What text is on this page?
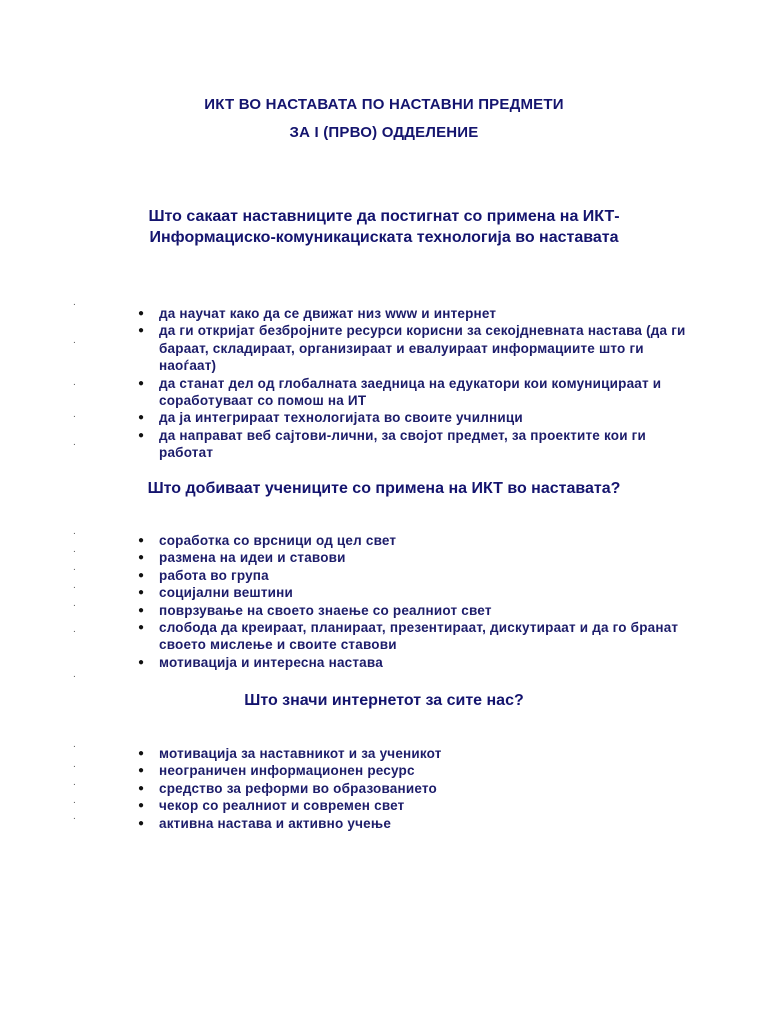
ИКТ ВО НАСТАВАТА ПО НАСТАВНИ ПРЕДМЕТИ
ЗА I (ПРВО) ОДДЕЛЕНИЕ
Што сакаат наставниците да постигнат со примена на ИКТ-
Информациско-комуникациската технологија во наставата
.
.
.
.
.
● да научат како да се движат низ www и интернет
● да ги откријат безбројните ресурси корисни за секојдневната настава (да ги бараат, складираат, организираат и евалуираат информациите што ги наоѓаат)
● да станат дел од глобалната заедница на едукатори кои комуницираат и соработуваат со помош на ИТ
● да ја интегрираат технологијата во своите училници
● да направат веб сајтови-лични, за својот предмет, за проектите кои ги работат
Што добиваат учениците со примена на ИКТ во наставата?
.
.
.
.
.
.
.
● соработка со врсници од цел свет
● размена на идеи и ставови
● работа во група
● социјални вештини
● поврзување на своето знаење со реалниот свет
● слобода да креираат, планираат, презентираат, дискутираат и да го бранат своето мислење и своите ставови
● мотивација и интересна настава
Што значи интернетот за сите нас?
.
.
.
.
.
● мотивација за наставникот и за ученикот
● неограничен информационен ресурс
● средство за реформи во образованието
● чекор со реалниот и современ свет
● активна настава и активно учење
